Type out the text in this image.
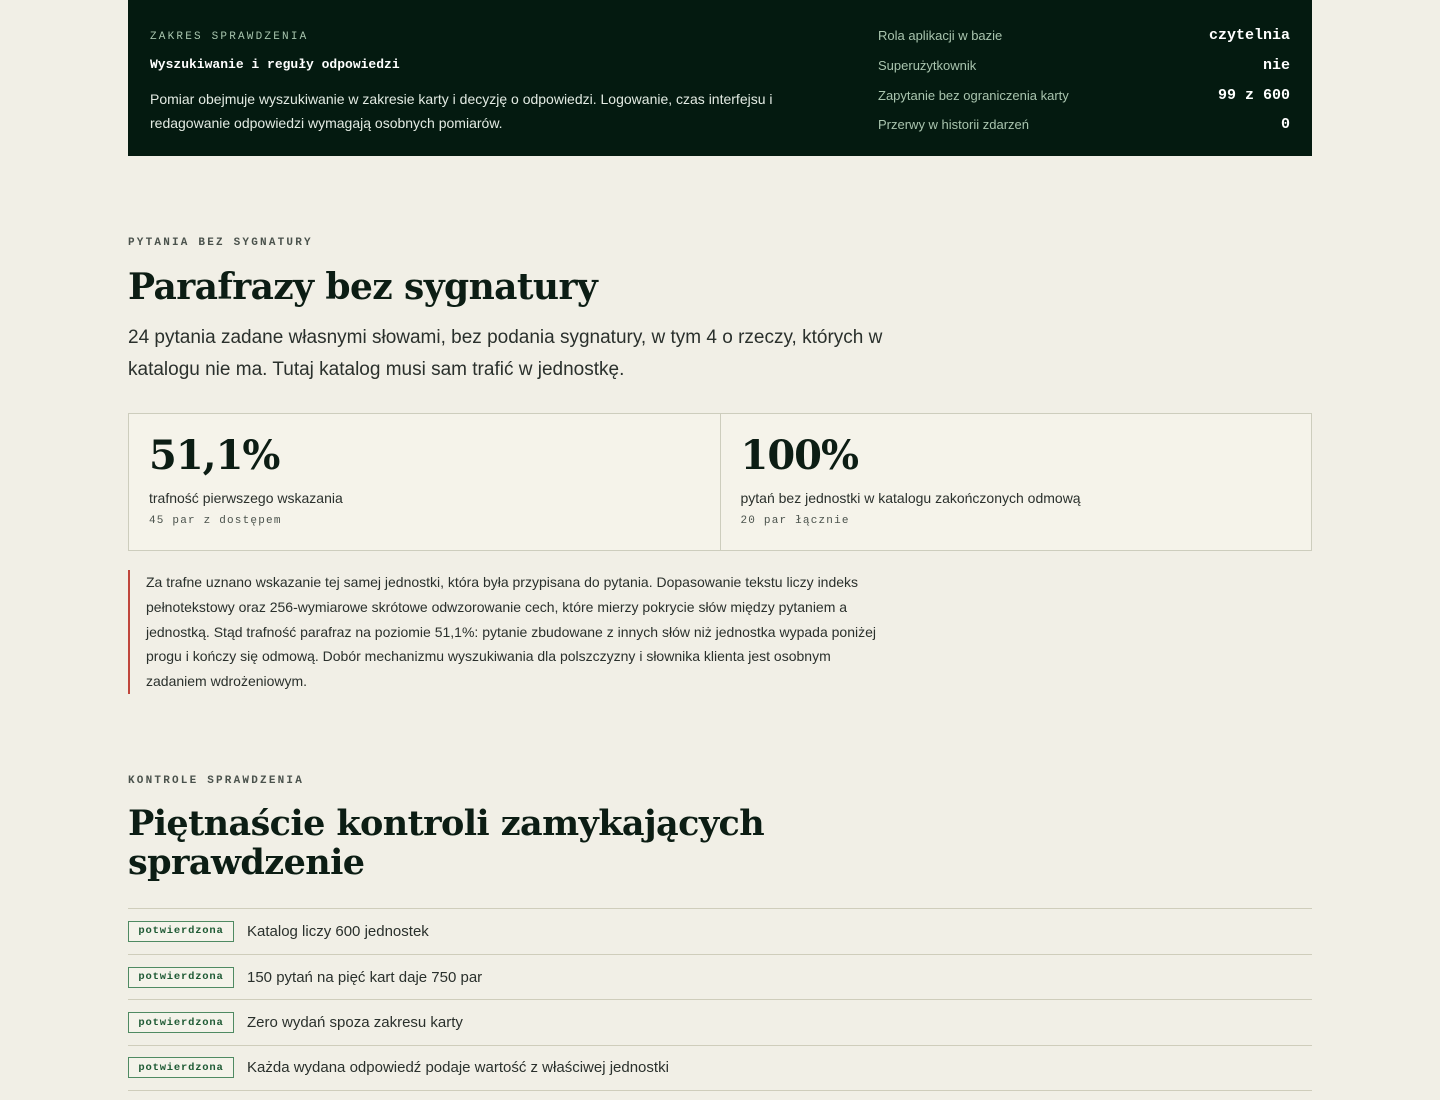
ZAKRES SPRAWDZENIA
Wyszukiwanie i reguły odpowiedzi

Pomiar obejmuje wyszukiwanie w zakresie karty i decyzję o odpowiedzi. Logowanie, czas interfejsu i redagowanie odpowiedzi wymagają osobnych pomiarów.

Rola aplikacji w bazie	czytelnia
Superużytkownik	nie
Zapytanie bez ograniczenia karty	99 z 600
Przerwy w historii zdarzeń	0
PYTANIA BEZ SYGNATURY
Parafrazy bez sygnatury

24 pytania zadane własnymi słowami, bez podania sygnatury, w tym 4 o rzeczy, których w katalogu nie ma. Tutaj katalog musi sam trafić w jednostkę.

51,1%
trafność pierwszego wskazania
45 par z dostępem
100%
pytań bez jednostki w katalogu zakończonych odmową
20 par łącznie
Za trafne uznano wskazanie tej samej jednostki, która była przypisana do pytania. Dopasowanie tekstu liczy indeks pełnotekstowy oraz 256-wymiarowe skrótowe odwzorowanie cech, które mierzy pokrycie słów między pytaniem a jednostką. Stąd trafność parafraz na poziomie 51,1%: pytanie zbudowane z innych słów niż jednostka wypada poniżej progu i kończy się odmową. Dobór mechanizmu wyszukiwania dla polszczyzny i słownika klienta jest osobnym zadaniem wdrożeniowym.
KONTROLE SPRAWDZENIA
Piętnaście kontroli zamykających
sprawdzenie
potwierdzona	Katalog liczy 600 jednostek
potwierdzona	150 pytań na pięć kart daje 750 par
potwierdzona	Zero wydań spoza zakresu karty
potwierdzona	Każda wydana odpowiedź podaje wartość z właściwej jednostki
